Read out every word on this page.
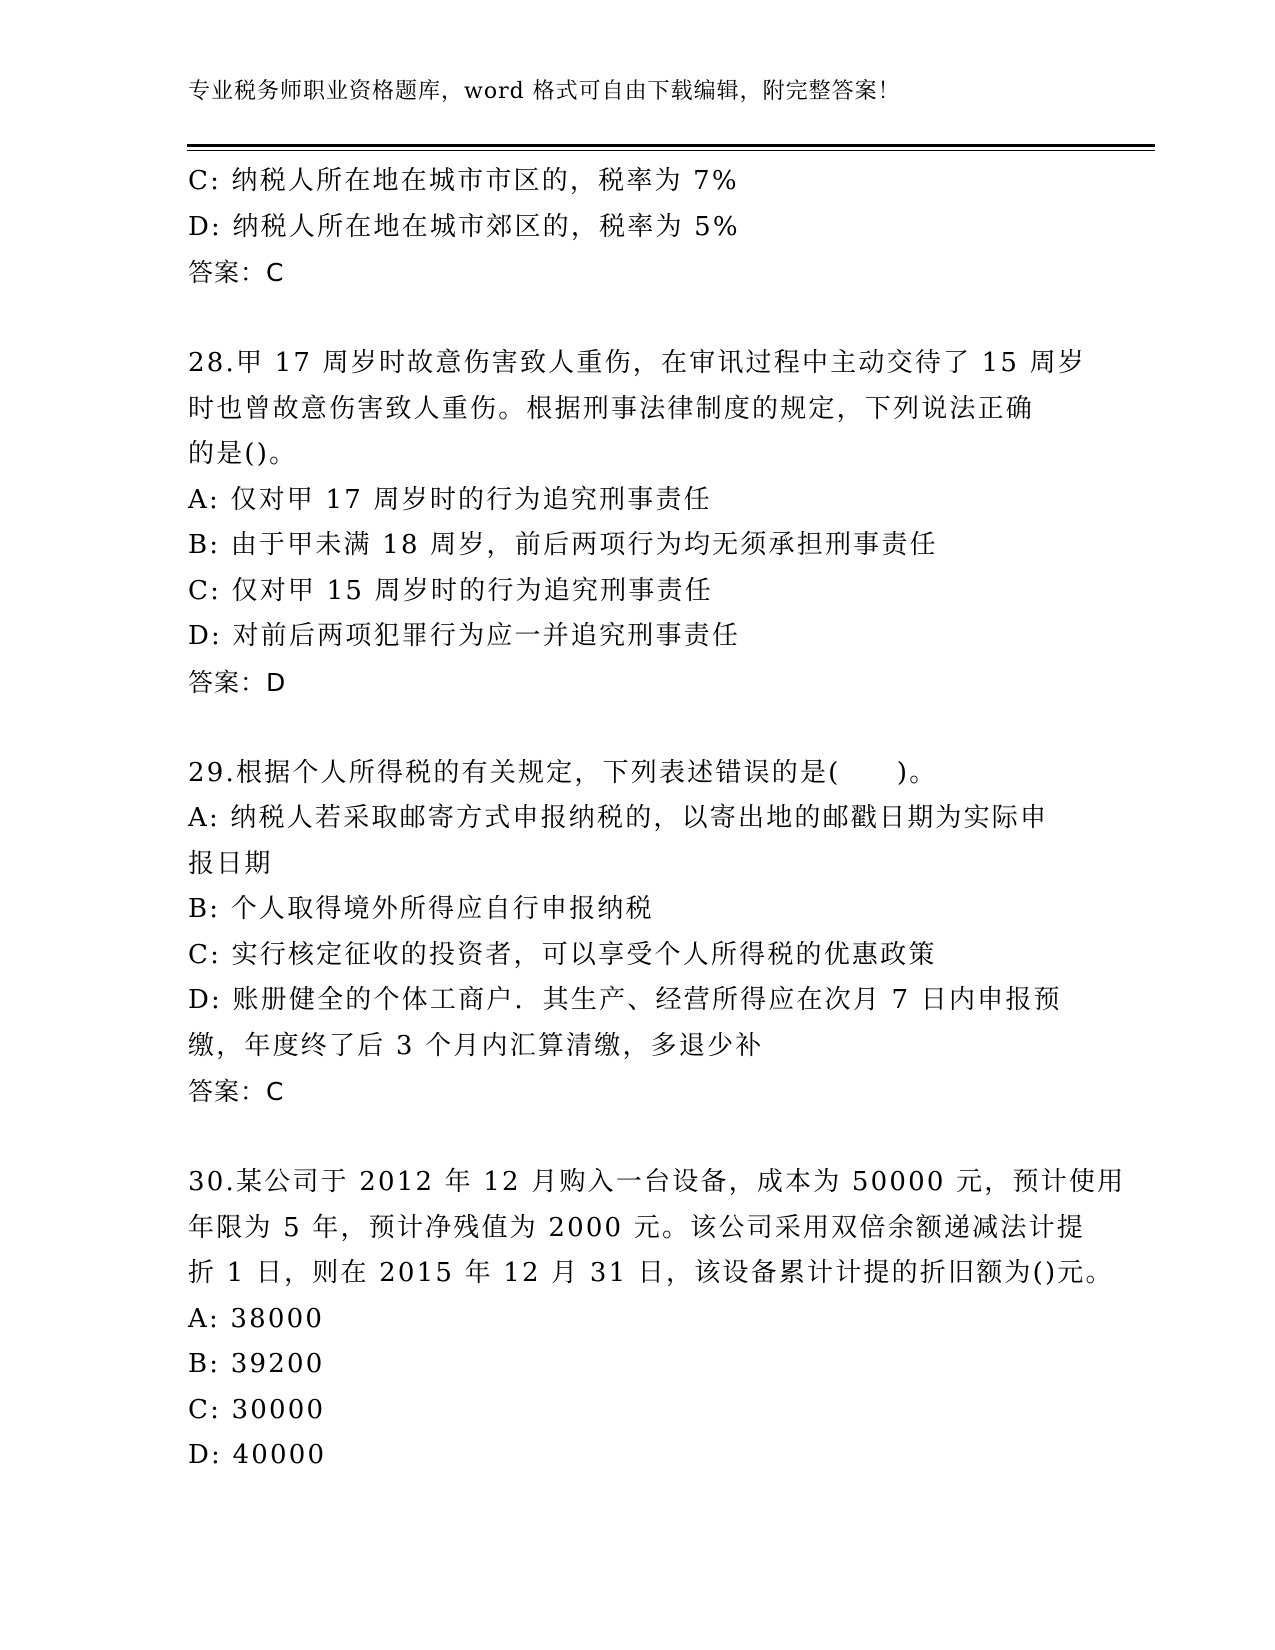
专业税务师职业资格题库，word 格式可自由下载编辑，附完整答案！
C: 纳税人所在地在城市市区的，税率为 7%
D: 纳税人所在地在城市郊区的，税率为 5%
答案：C
28.甲 17 周岁时故意伤害致人重伤，在审讯过程中主动交待了 15 周岁
时也曾故意伤害致人重伤。根据刑事法律制度的规定，下列说法正确
的是()。
A: 仅对甲 17 周岁时的行为追究刑事责任
B: 由于甲未满 18 周岁，前后两项行为均无须承担刑事责任
C: 仅对甲 15 周岁时的行为追究刑事责任
D: 对前后两项犯罪行为应一并追究刑事责任
答案：D
29.根据个人所得税的有关规定，下列表述错误的是(　　)。
A: 纳税人若采取邮寄方式申报纳税的，以寄出地的邮戳日期为实际申
报日期
B: 个人取得境外所得应自行申报纳税
C: 实行核定征收的投资者，可以享受个人所得税的优惠政策
D: 账册健全的个体工商户．其生产、经营所得应在次月 7 日内申报预
缴，年度终了后 3 个月内汇算清缴，多退少补
答案：C
30.某公司于 2012 年 12 月购入一台设备，成本为 50000 元，预计使用
年限为 5 年，预计净残值为 2000 元。该公司采用双倍余额递减法计提
折 1 日，则在 2015 年 12 月 31 日，该设备累计计提的折旧额为()元。
A: 38000
B: 39200
C: 30000
D: 40000
